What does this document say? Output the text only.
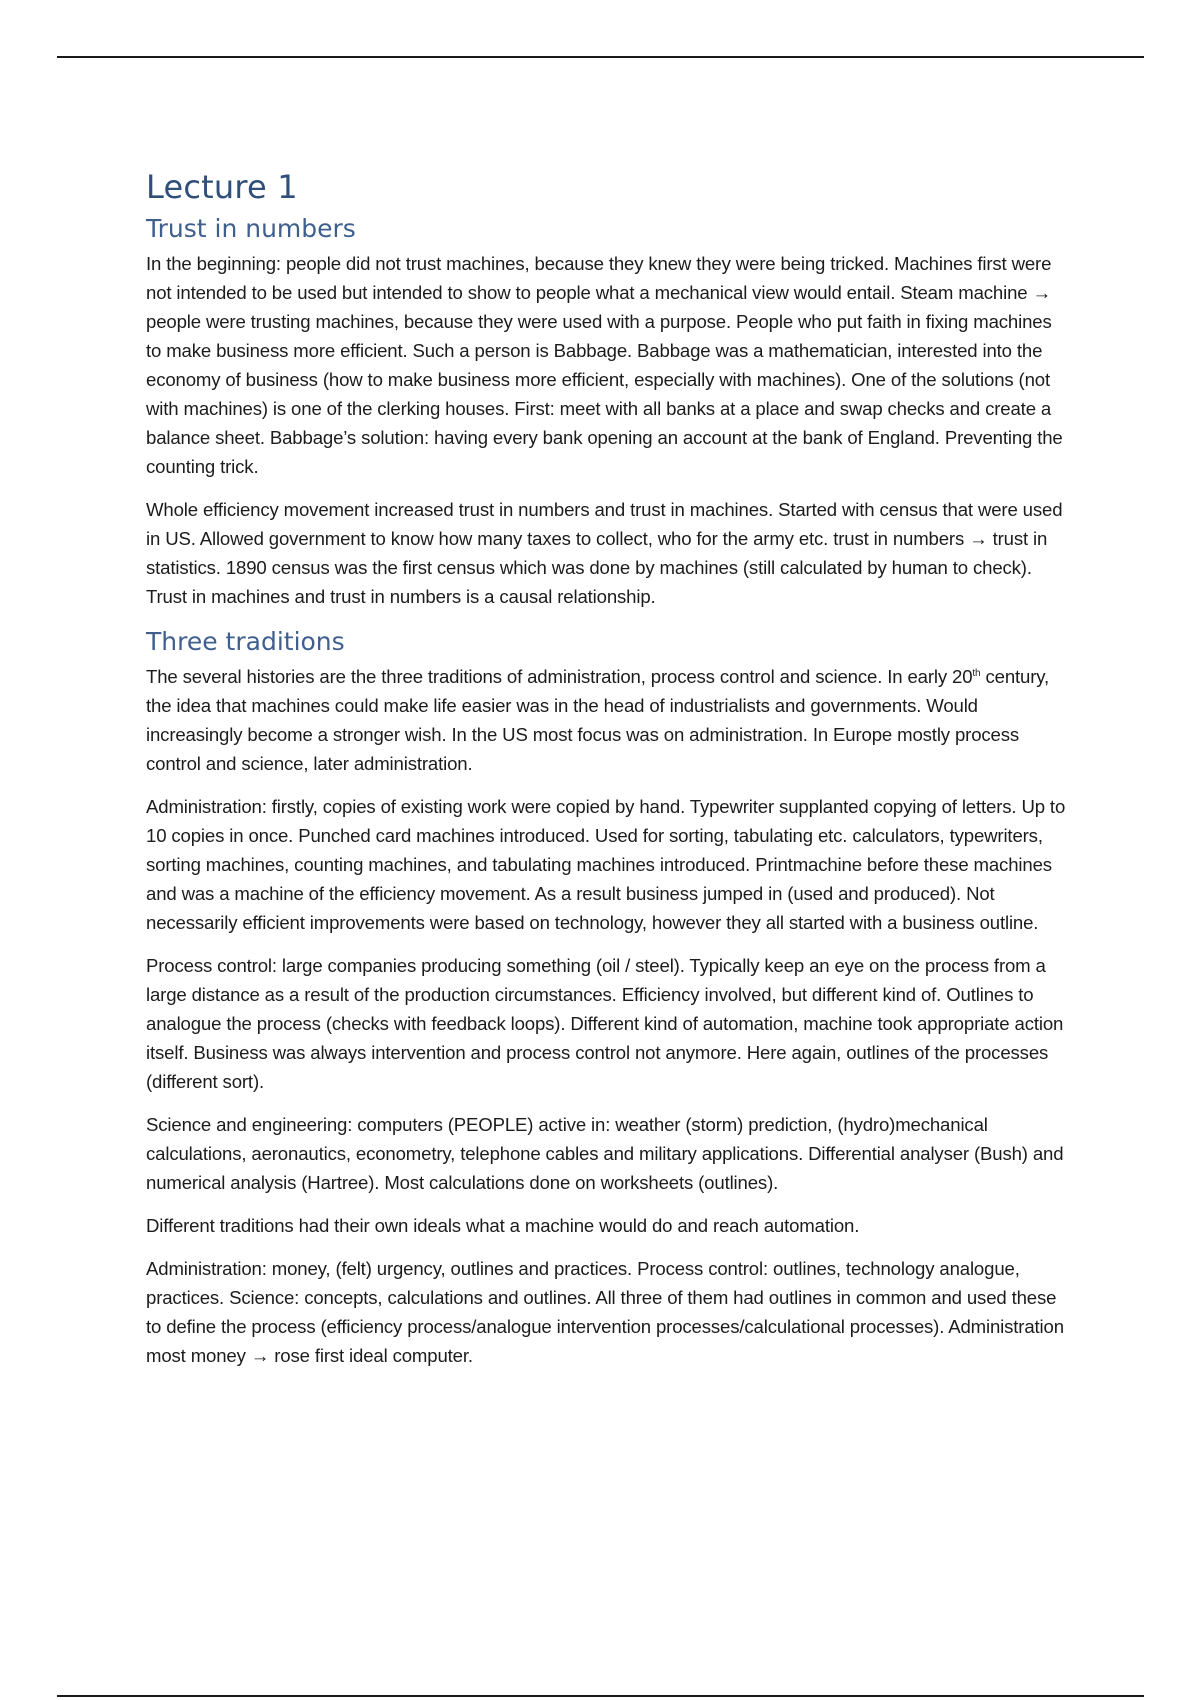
Lecture 1
Trust in numbers

In the beginning: people did not trust machines, because they knew they were being tricked. Machines first were not intended to be used but intended to show to people what a mechanical view would entail. Steam machine → people were trusting machines, because they were used with a purpose. People who put faith in fixing machines to make business more efficient. Such a person is Babbage. Babbage was a mathematician, interested into the economy of business (how to make business more efficient, especially with machines). One of the solutions (not with machines) is one of the clerking houses. First: meet with all banks at a place and swap checks and create a balance sheet. Babbage’s solution: having every bank opening an account at the bank of England. Preventing the counting trick.

Whole efficiency movement increased trust in numbers and trust in machines. Started with census that were used in US. Allowed government to know how many taxes to collect, who for the army etc. trust in numbers → trust in statistics. 1890 census was the first census which was done by machines (still calculated by human to check). Trust in machines and trust in numbers is a causal relationship.

Three traditions

The several histories are the three traditions of administration, process control and science. In early 20th century, the idea that machines could make life easier was in the head of industrialists and governments. Would increasingly become a stronger wish. In the US most focus was on administration. In Europe mostly process control and science, later administration.

Administration: firstly, copies of existing work were copied by hand. Typewriter supplanted copying of letters. Up to 10 copies in once. Punched card machines introduced. Used for sorting, tabulating etc. calculators, typewriters, sorting machines, counting machines, and tabulating machines introduced. Printmachine before these machines and was a machine of the efficiency movement. As a result business jumped in (used and produced). Not necessarily efficient improvements were based on technology, however they all started with a business outline.

Process control: large companies producing something (oil / steel). Typically keep an eye on the process from a large distance as a result of the production circumstances. Efficiency involved, but different kind of. Outlines to analogue the process (checks with feedback loops). Different kind of automation, machine took appropriate action itself. Business was always intervention and process control not anymore. Here again, outlines of the processes (different sort).

Science and engineering: computers (PEOPLE) active in: weather (storm) prediction, (hydro)mechanical calculations, aeronautics, econometry, telephone cables and military applications. Differential analyser (Bush) and numerical analysis (Hartree). Most calculations done on worksheets (outlines).

Different traditions had their own ideals what a machine would do and reach automation.

Administration: money, (felt) urgency, outlines and practices. Process control: outlines, technology analogue, practices. Science: concepts, calculations and outlines. All three of them had outlines in common and used these to define the process (efficiency process/analogue intervention processes/calculational processes). Administration most money → rose first ideal computer.
